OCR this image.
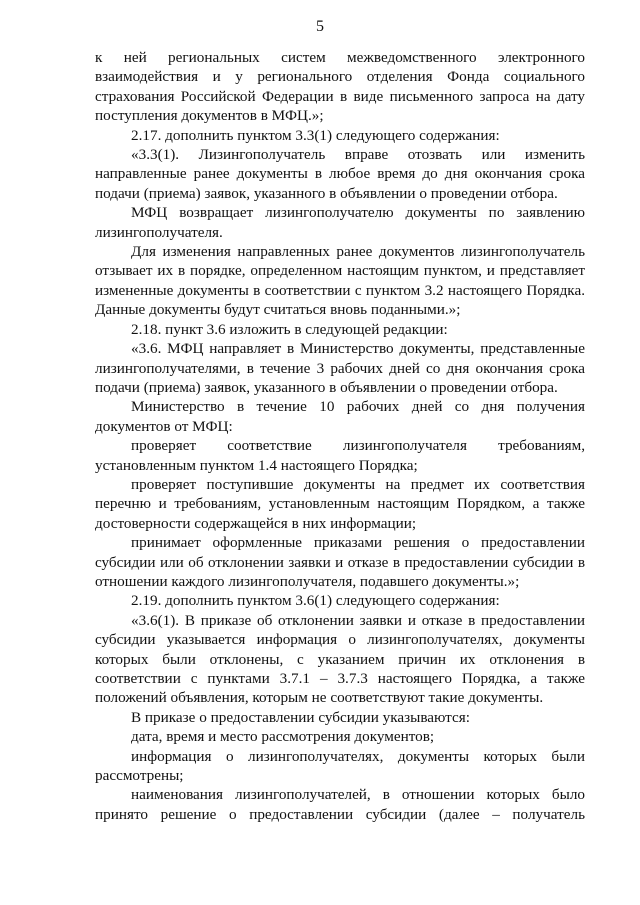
5

к ней региональных систем межведомственного электронного взаимодействия и у регионального отделения Фонда социального страхования Российской Федерации в виде письменного запроса на дату поступления документов в МФЦ.»;

2.17. дополнить пунктом 3.3(1) следующего содержания:

«3.3(1). Лизингополучатель вправе отозвать или изменить направленные ранее документы в любое время до дня окончания срока подачи (приема) заявок, указанного в объявлении о проведении отбора.

МФЦ возвращает лизингополучателю документы по заявлению лизингополучателя.

Для изменения направленных ранее документов лизингополучатель отзывает их в порядке, определенном настоящим пунктом, и представляет измененные документы в соответствии с пунктом 3.2 настоящего Порядка. Данные документы будут считаться вновь поданными.»;

2.18. пункт 3.6 изложить в следующей редакции:

«3.6. МФЦ направляет в Министерство документы, представленные лизингополучателями, в течение 3 рабочих дней со дня окончания срока подачи (приема) заявок, указанного в объявлении о проведении отбора.

Министерство в течение 10 рабочих дней со дня получения документов от МФЦ:

проверяет соответствие лизингополучателя требованиям, установленным пунктом 1.4 настоящего Порядка;

проверяет поступившие документы на предмет их соответствия перечню и требованиям, установленным настоящим Порядком, а также достоверности содержащейся в них информации;

принимает оформленные приказами решения о предоставлении субсидии или об отклонении заявки и отказе в предоставлении субсидии в отношении каждого лизингополучателя, подавшего документы.»;

2.19. дополнить пунктом 3.6(1) следующего содержания:

«3.6(1). В приказе об отклонении заявки и отказе в предоставлении субсидии указывается информация о лизингополучателях, документы которых были отклонены, с указанием причин их отклонения в соответствии с пунктами 3.7.1 – 3.7.3 настоящего Порядка, а также положений объявления, которым не соответствуют такие документы.

В приказе о предоставлении субсидии указываются:

дата, время и место рассмотрения документов;

информация о лизингополучателях, документы которых были рассмотрены;

наименования лизингополучателей, в отношении которых было принято решение о предоставлении субсидии (далее – получатель
